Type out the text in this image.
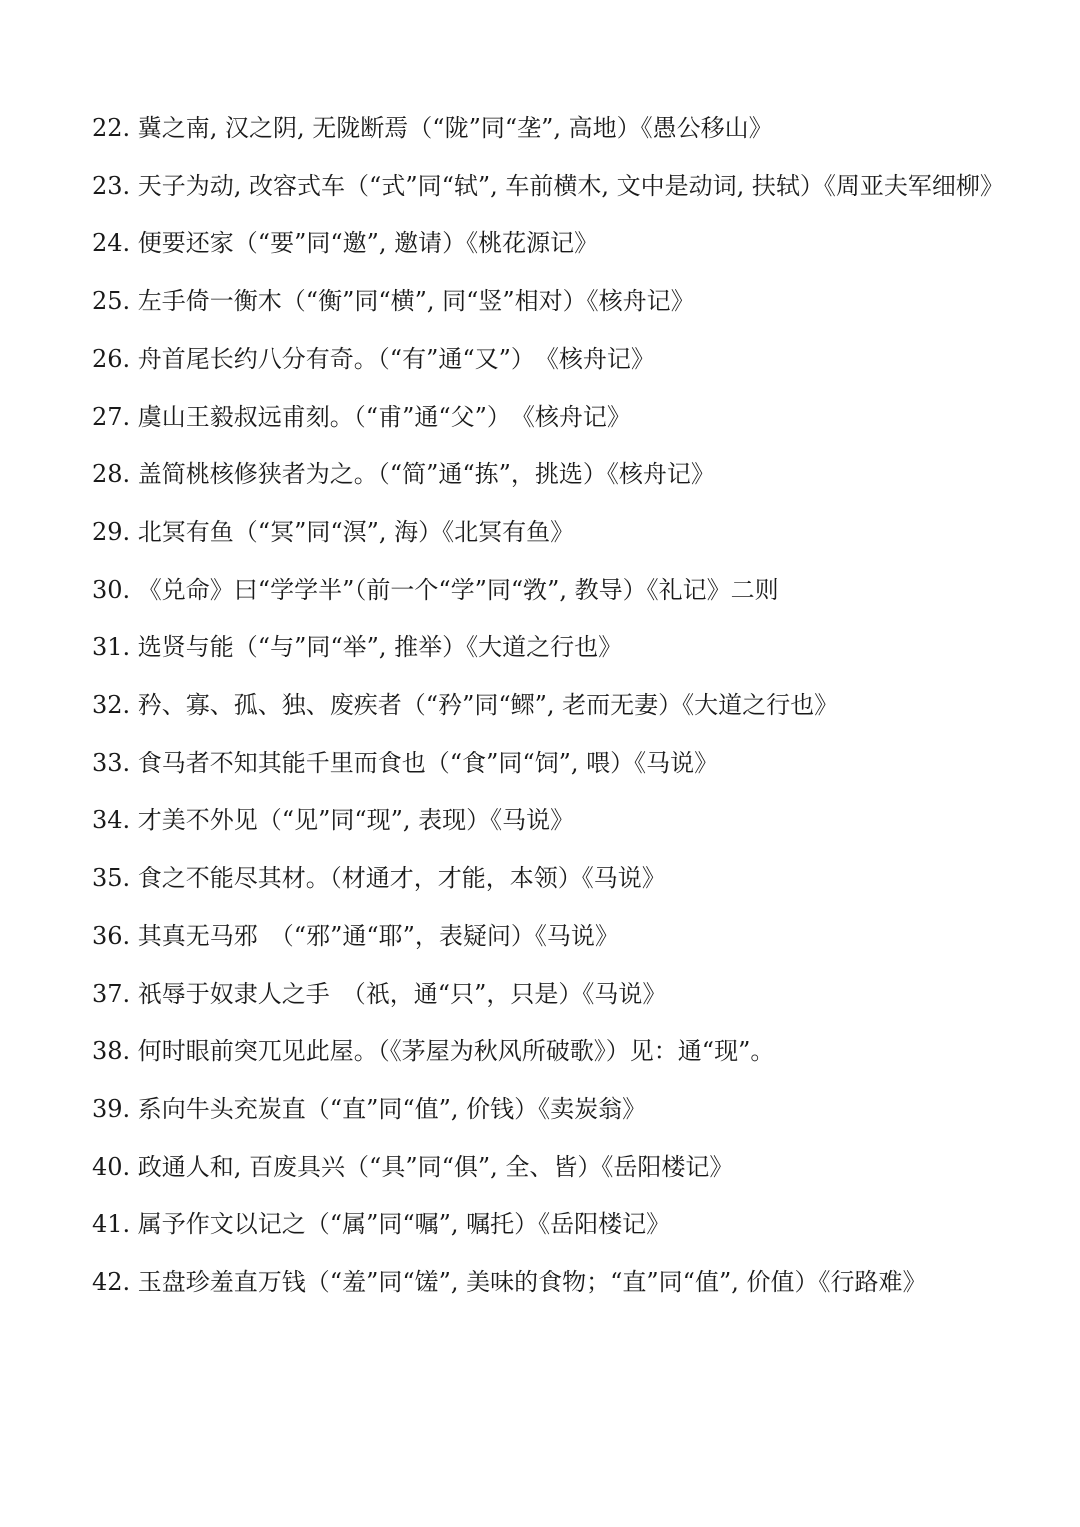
22. 冀之南, 汉之阴, 无陇断焉（“陇”同“垄”, 高地）《愚公移山》
23. 天子为动, 改容式车（“式”同“轼”, 车前横木, 文中是动词, 扶轼）《周亚夫军细柳》
24. 便要还家（“要”同“邀”, 邀请）《桃花源记》
25. 左手倚一衡木（“衡”同“横”, 同“竖”相对）《核舟记》
26. 舟首尾长约八分有奇。（“有”通“又”）　《核舟记》
27. 虞山王毅叔远甫刻。（“甫”通“父”）　《核舟记》
28. 盖简桃核修狭者为之。（“简”通“拣”，挑选）《核舟记》
29. 北冥有鱼（“冥”同“溟”, 海）《北冥有鱼》
30. 《兑命》曰“学学半”（前一个“学”同“敩”, 教导）《礼记》二则
31. 选贤与能（“与”同“举”, 推举）《大道之行也》
32. 矜、寡、孤、独、废疾者（“矜”同“鳏”, 老而无妻）《大道之行也》
33. 食马者不知其能千里而食也（“食”同“饲”, 喂）《马说》
34. 才美不外见（“见”同“现”, 表现）《马说》
35. 食之不能尽其材。（材通才，才能，本领）《马说》
36. 其真无马邪　（“邪”通“耶”，表疑问）《马说》
37. 祇辱于奴隶人之手　（祇，通“只”，只是）《马说》
38. 何时眼前突兀见此屋。（《茅屋为秋风所破歌》）见：通“现”。
39. 系向牛头充炭直（“直”同“值”, 价钱）《卖炭翁》
40. 政通人和, 百废具兴（“具”同“俱”, 全、皆）《岳阳楼记》
41. 属予作文以记之（“属”同“嘱”, 嘱托）《岳阳楼记》
42. 玉盘珍羞直万钱（“羞”同“馐”, 美味的食物；“直”同“值”, 价值）《行路难》
